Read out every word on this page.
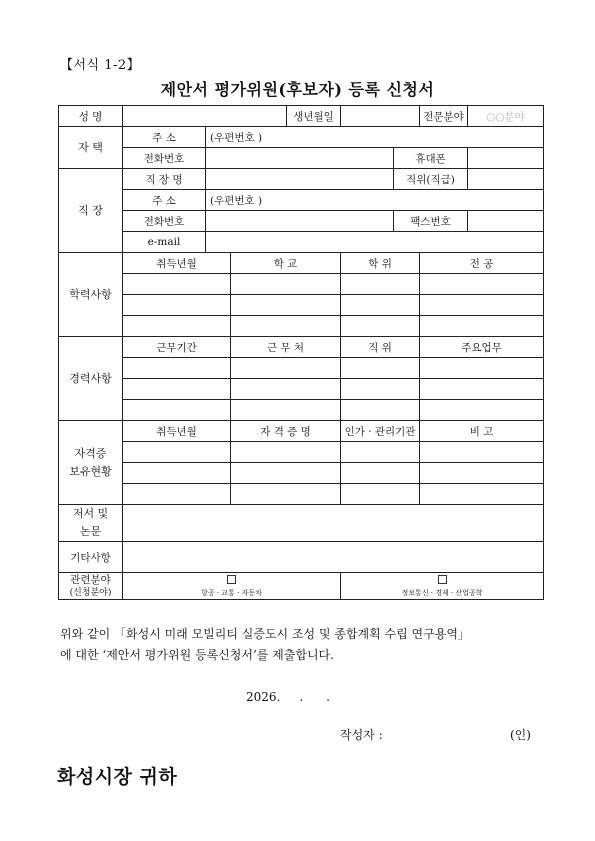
【서식 1-2】
제안서 평가위원(후보자) 등록 신청서
성 명				생년월일			전문분야	○○분야
자 택	주 소	(우편번호 )						
	전화번호					휴대폰		
직 장	직 장 명					직위(직급)		
	주 소	(우편번호 )						
	전화번호					팩스번호		
	e-mail							
학력사항	취득년월		학 교		학 위		전 공	

경력사항	근무기간		근 무 처		직 위		주요업무	

자격증
보유현황	취득년월		자 격 증 명		인가 · 관리기관		비 고	

저서 및
논문								
기타사항								
관련분야
(신청분야)	항공 · 교통 · 자동차				정보통신 · 경제 · 산업공학			
위와 같이 「화성시 미래 모빌리티 실증도시 조성 및 종합계획 수립 연구용역」
에 대한 ‘제안서 평가위원 등록신청서’를 제출합니다.
2026.     .      .
작성자 :	(인)
화성시장 귀하
